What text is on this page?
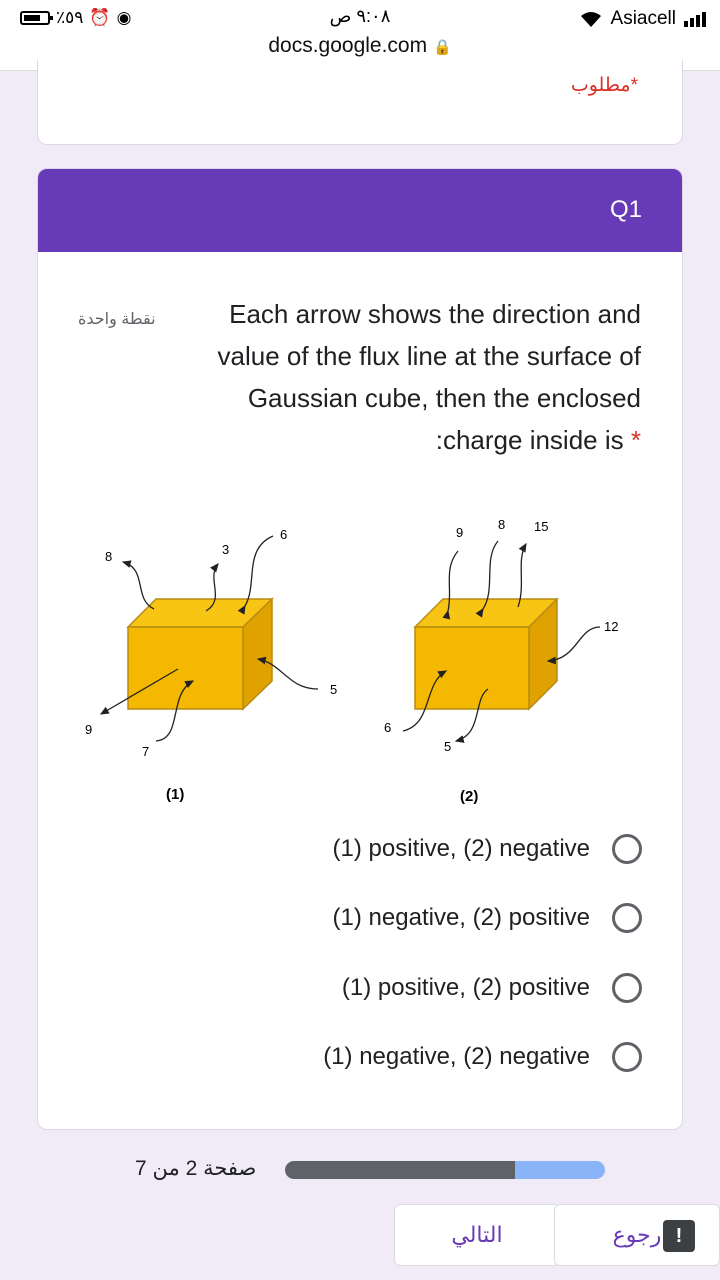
٪٥٩ ⏰ ◉	٩:٠٨ ص
docs.google.com 🔒
Asiacell
*مطلوب
Q1
نقطة واحدة	Each arrow shows the direction and value of the flux line at the surface of Gaussian cube, then the enclosed :charge inside is *
8	3
6
5
9
7
(1)
9
8 15
12
6
5
(2)
(1) positive, (2) negative
(1) negative, (2) positive
(1) positive, (2) positive
(1) negative, (2) negative
صفحة 2 من 7
التالي	رجوع !
